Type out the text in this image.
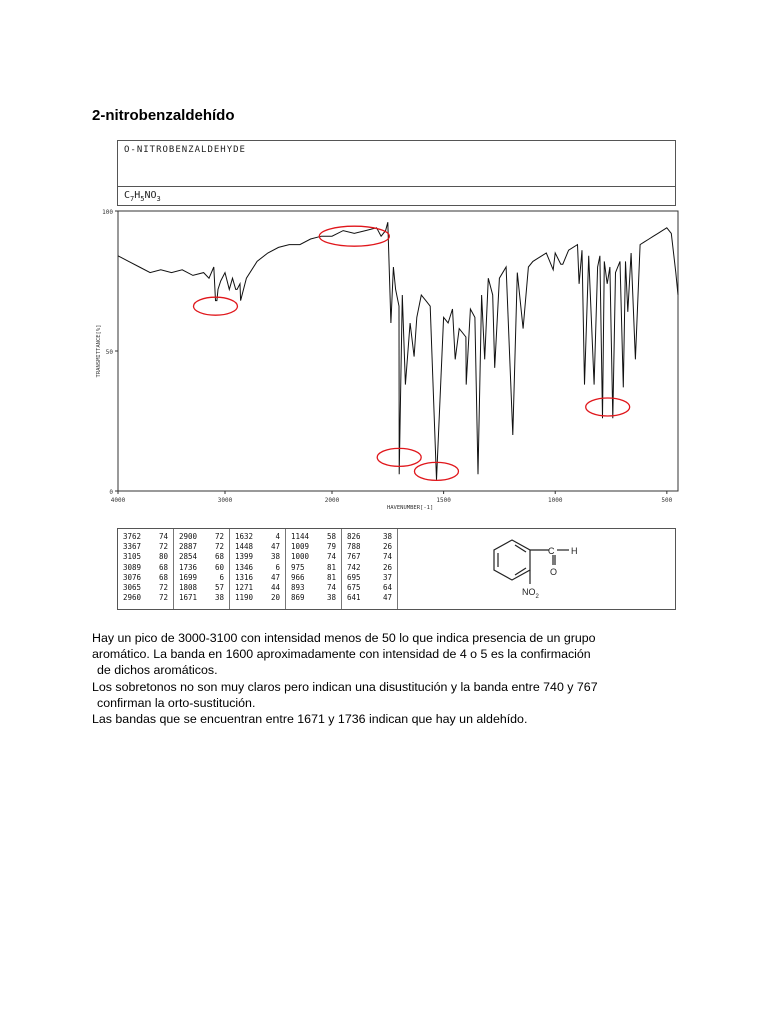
2-nitrobenzaldehído
O-NITROBENZALDEHYDE
$C_7H_5NO_3$
100
50
0
4000	3000	2000	1500	1000	500
HAVENUMBER[-1]
TRANSMITTANCE[%]
3762 74
3367 72
3105 80
3089 68
3076 68
3065 72
2960 72
2900 72
2887 72
2854 68
1736 60
1699	6
1808 57
1671 38
1632	4
1448 47
1399 38
1346	6
1316 47
1271 44
1190 20
1144 58
1009 79
1000 74
975	81
966	81
893	74
869	38
826	38
788	26
767	74
742	26
695	37
675	64
641	47
C H
O
$NO_2$

Hay un pico de 3000-3100 con intensidad menos de 50 lo que indica presencia de un grupo
aromático. La banda en 1600 aproximadamente con intensidad de 4 o 5 es la confirmación
de dichos aromáticos.

Los sobretonos no son muy claros pero indican una disustitución y la banda entre 740 y 767
confirman la orto-sustitución.

Las bandas que se encuentran entre 1671 y 1736 indican que hay un aldehído.
